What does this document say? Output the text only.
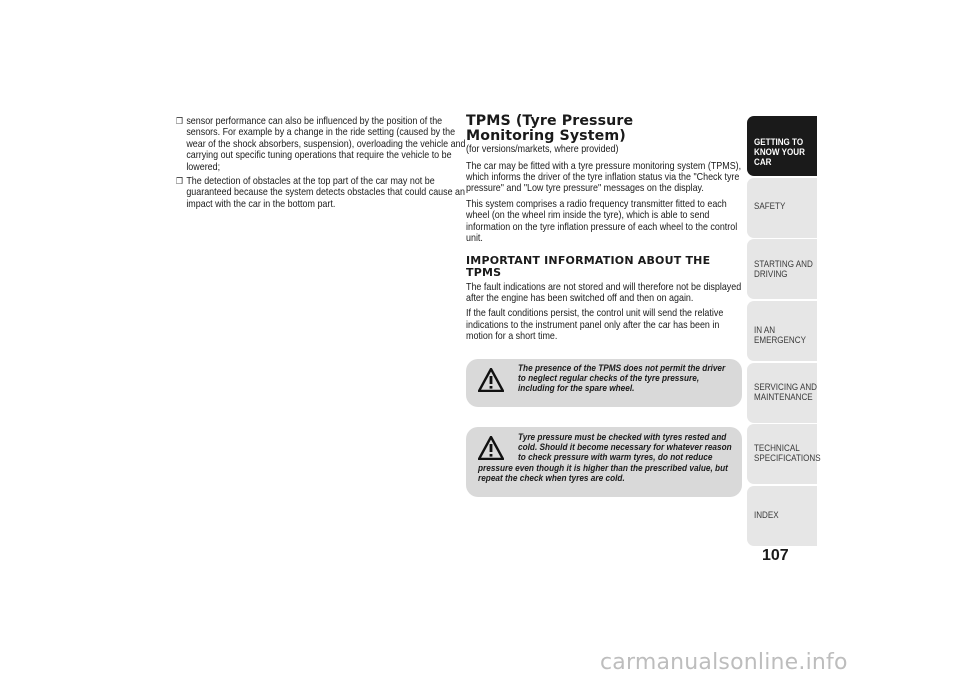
❒ sensor performance can also be influenced by the position of the sensors. For example by a change in the ride setting (caused by the wear of the shock absorbers, suspension), overloading the vehicle and carrying out specific tuning operations that require the vehicle to be lowered;
❒ The detection of obstacles at the top part of the car may not be guaranteed because the system detects obstacles that could cause an impact with the car in the bottom part.
TPMS (Tyre Pressure
Monitoring System)

(for versions/markets, where provided)

The car may be fitted with a tyre pressure monitoring system (TPMS), which informs the driver of the tyre inflation status via the "Check tyre pressure" and "Low tyre pressure" messages on the display.

This system comprises a radio frequency transmitter fitted to each wheel (on the wheel rim inside the tyre), which is able to send information on the tyre inflation pressure of each wheel to the control unit.

IMPORTANT INFORMATION ABOUT THE TPMS

The fault indications are not stored and will therefore not be displayed after the engine has been switched off and then on again.

If the fault conditions persist, the control unit will send the relative indications to the instrument panel only after the car has been in motion for a short time.

The presence of the TPMS does not permit the driver to neglect regular checks of the tyre pressure, including for the spare wheel.
Tyre pressure must be checked with tyres rested and cold. Should it become necessary for whatever reason to check pressure with warm tyres, do not reduce
pressure even though it is higher than the prescribed value, but repeat the check when tyres are cold.
GETTING TO
KNOW YOUR CAR
SAFETY
STARTING AND
DRIVING
IN AN EMERGENCY
SERVICING AND
MAINTENANCE
TECHNICAL
SPECIFICATIONS
INDEX
107
carmanualsonline.info
